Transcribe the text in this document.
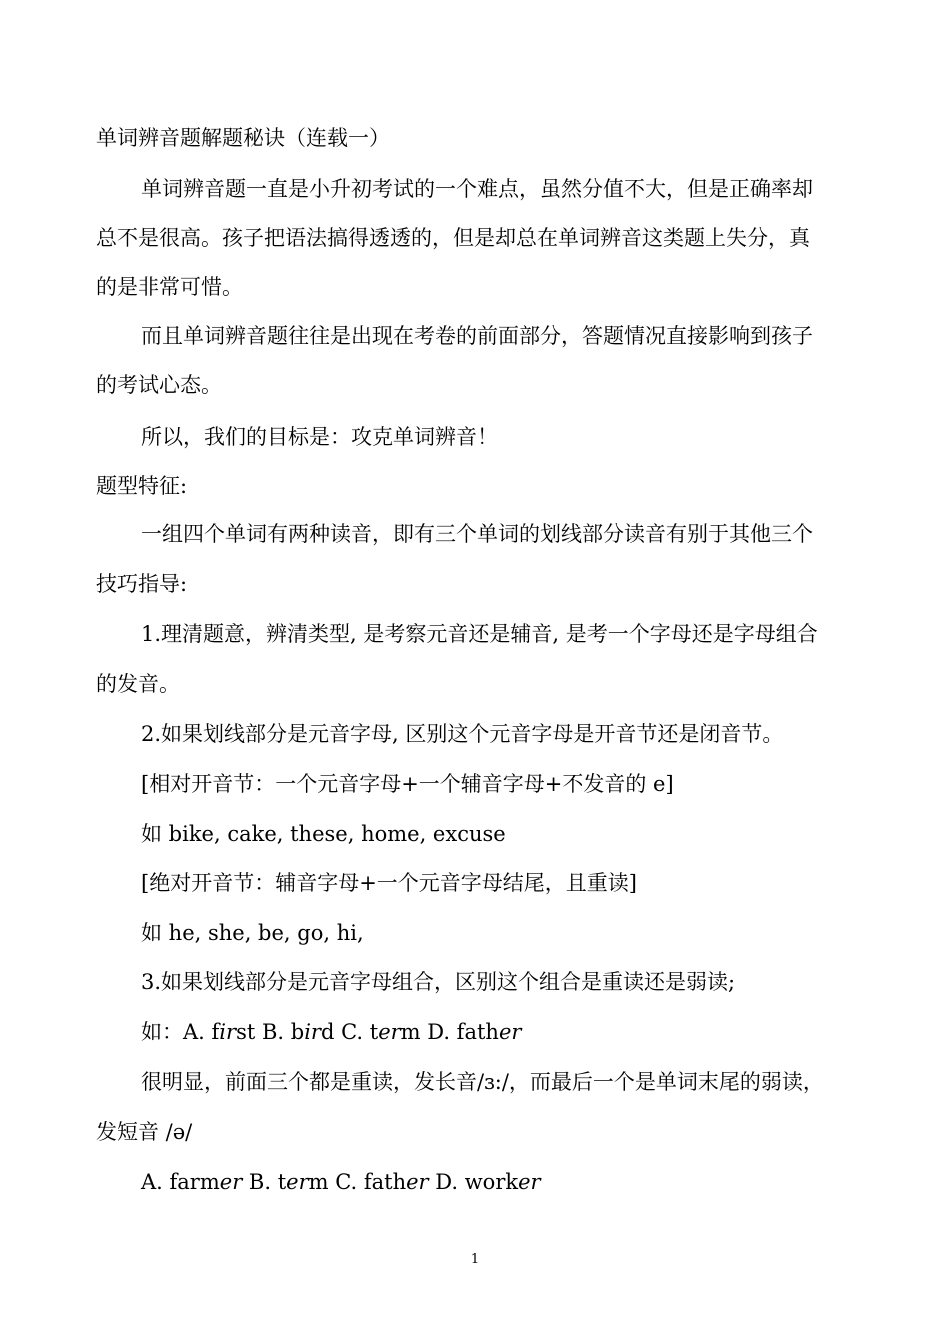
单词辨音题解题秘诀（连载一）
单词辨音题一直是小升初考试的一个难点，虽然分值不大，但是正确率却
总不是很高。孩子把语法搞得透透的，但是却总在单词辨音这类题上失分，真
的是非常可惜。
而且单词辨音题往往是出现在考卷的前面部分，答题情况直接影响到孩子
的考试心态。
所以，我们的目标是：攻克单词辨音！
题型特征:
一组四个单词有两种读音，即有三个单词的划线部分读音有别于其他三个
技巧指导:
1.理清题意，辨清类型, 是考察元音还是辅音, 是考一个字母还是字母组合
的发音。
2.如果划线部分是元音字母, 区别这个元音字母是开音节还是闭音节。
[相对开音节：一个元音字母+一个辅音字母+不发音的 e]
如 bike, cake, these, home, excuse
[绝对开音节：辅音字母+一个元音字母结尾，且重读]
如 he, she, be, go, hi,
3.如果划线部分是元音字母组合，区别这个组合是重读还是弱读;
如：A. first B. bird C. term D. father
很明显，前面三个都是重读，发长音/ɜ:/，而最后一个是单词末尾的弱读，
发短音 /ə/
A. farmer B. term C. father D. worker
1
